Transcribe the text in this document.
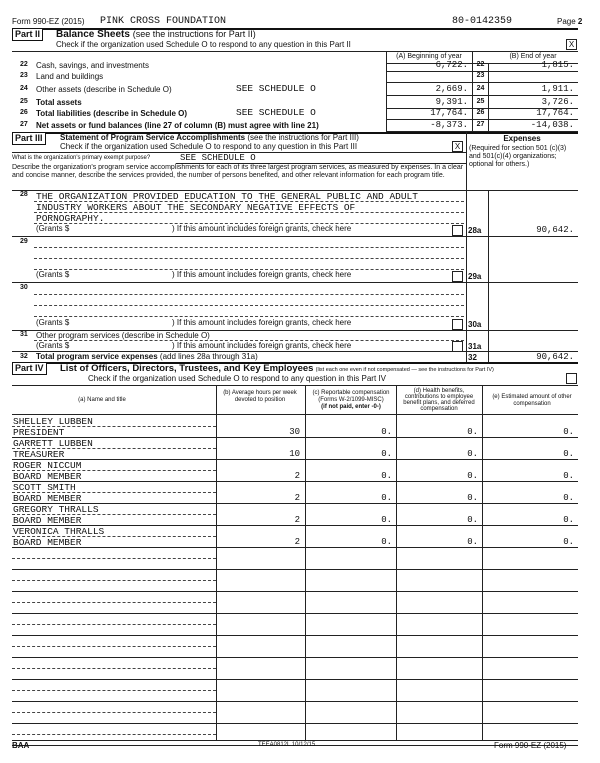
Form 990-EZ (2015) PINK CROSS FOUNDATION	80-0142359	Page 2
Part II	Balance Sheets (see the instructions for Part II)
Check if the organization used Schedule O to respond to any question in this Part II	X
(A) Beginning of year	(B) End of year
22 Cash, savings, and investments	6,722.	22	1,815.
23 Land and buildings	23
24 Other assets (describe in Schedule O)	SEE SCHEDULE O	2,669.	24	1,911.
25 Total assets	9,391.	25	3,726.
26 Total liabilities (describe in Schedule O)	SEE SCHEDULE O	17,764.	26	17,764.
27 Net assets or fund balances (line 27 of column (B) must agree with line 21)	-8,373.	27	-14,038.
Part III	Statement of Program Service Accomplishments (see the instructions for Part III)
Check if the organization used Schedule O to respond to any question in this Part III	X
Expenses
(Required for section 501 (c)(3) and 501(c)(4) organizations; optional for others.)
What is the organization's primary exempt purpose?	SEE SCHEDULE O
Describe the organization's program service accomplishments for each of its three largest program services, as measured by expenses. In a clear and concise manner, describe the services provided, the number of persons benefited, and other relevant information for each program title.
28 THE ORGANIZATION PROVIDED EDUCATION TO THE GENERAL PUBLIC AND ADULT
INDUSTRY WORKERS ABOUT THE SECONDARY NEGATIVE EFFECTS OF
PORNOGRAPHY.
(Grants $	) If this amount includes foreign grants, check here	28a	90,642.
29
(Grants $	) If this amount includes foreign grants, check here	29a
30
(Grants $	) If this amount includes foreign grants, check here	30a
31 Other program services (describe in Schedule O)
(Grants $	) If this amount includes foreign grants, check here	31a
32 Total program service expenses (add lines 28a through 31a)	32	90,642.
Part IV	List of Officers, Directors, Trustees, and Key Employees (list each one even if not compensated — see the instructions for Part IV)
Check if the organization used Schedule O to respond to any question in this Part IV
(a) Name and title
(b) Average hours per week devoted to position
(c) Reportable compensation (Forms W-2/1099-MISC)
(if not paid, enter -0-)
(d) Health benefits, contributions to employee benefit plans, and deferred compensation
(e) Estimated amount of other compensation
SHELLEY LUBBEN
PRESIDENT	30	0.	0.	0.
GARRETT LUBBEN
TREASURER	10	0.	0.	0.
ROGER NICCUM
BOARD MEMBER	2	0.	0.	0.
SCOTT SMITH
BOARD MEMBER	2	0.	0.	0.
GREGORY THRALLS
BOARD MEMBER	2	0.	0.	0.
VERONICA THRALLS
BOARD MEMBER	2	0.	0.	0.
BAA	TEEA0812L 10/12/15	Form 990-EZ (2015)
